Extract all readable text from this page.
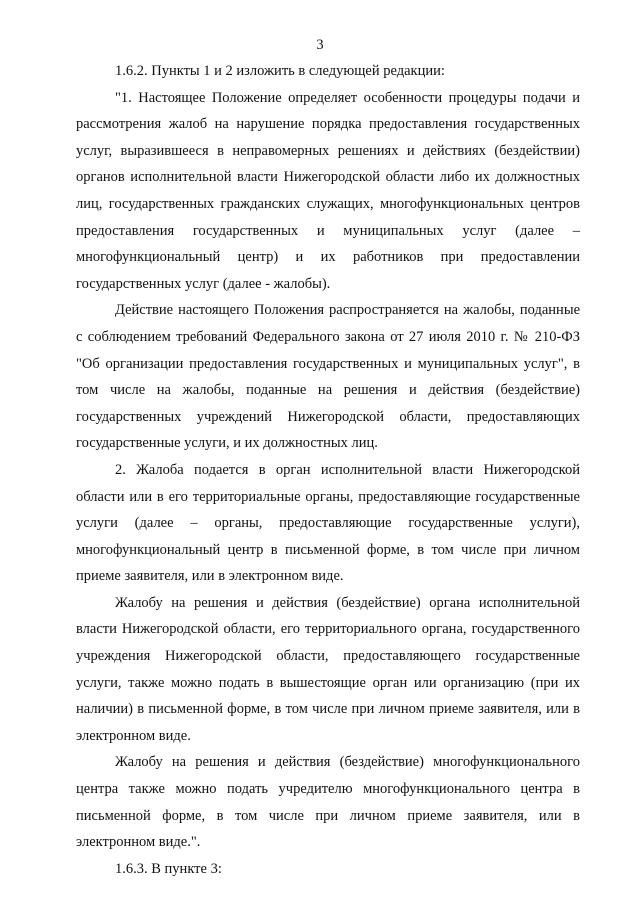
3

1.6.2. Пункты 1 и 2 изложить в следующей редакции:

"1. Настоящее Положение определяет особенности процедуры подачи и рассмотрения жалоб на нарушение порядка предоставления государственных услуг, выразившееся в неправомерных решениях и действиях (бездействии) органов исполнительной власти Нижегородской области либо их должностных лиц, государственных гражданских служащих, многофункциональных центров предоставления государственных и муниципальных услуг (далее – многофункциональный центр) и их работников при предоставлении государственных услуг (далее - жалобы).

Действие настоящего Положения распространяется на жалобы, поданные с соблюдением требований Федерального закона от 27 июля 2010 г. № 210-ФЗ "Об организации предоставления государственных и муниципальных услуг", в том числе на жалобы, поданные на решения и действия (бездействие) государственных учреждений Нижегородской области, предоставляющих государственные услуги, и их должностных лиц.

2. Жалоба подается в орган исполнительной власти Нижегородской области или в его территориальные органы, предоставляющие государственные услуги (далее – органы, предоставляющие государственные услуги), многофункциональный центр в письменной форме, в том числе при личном приеме заявителя, или в электронном виде.

Жалобу на решения и действия (бездействие) органа исполнительной власти Нижегородской области, его территориального органа, государственного учреждения Нижегородской области, предоставляющего государственные услуги, также можно подать в вышестоящие орган или организацию (при их наличии) в письменной форме, в том числе при личном приеме заявителя, или в электронном виде.

Жалобу на решения и действия (бездействие) многофункционального центра также можно подать учредителю многофункционального центра в письменной форме, в том числе при личном приеме заявителя, или в электронном виде.".

1.6.3. В пункте 3:
